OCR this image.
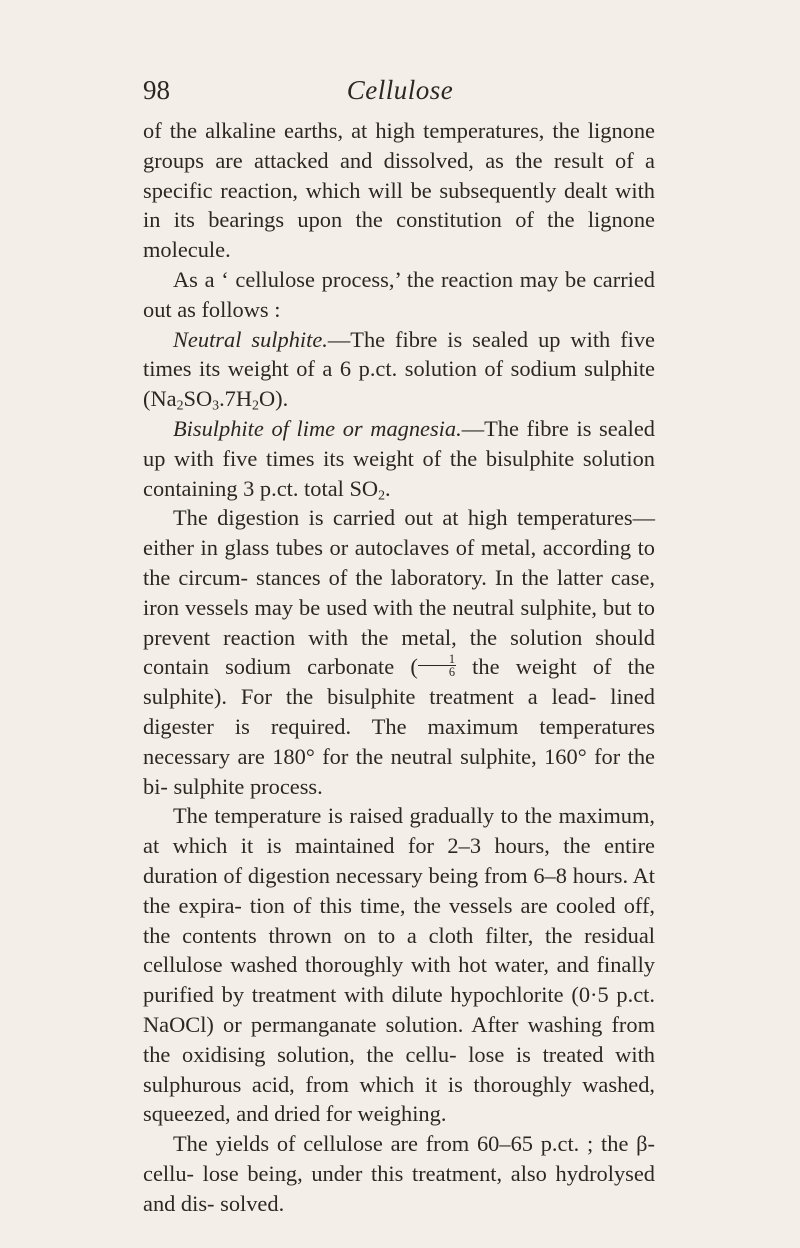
98	Cellulose

of the alkaline earths, at high temperatures, the lignone groups are attacked and dissolved, as the result of a specific reaction, which will be subsequently dealt with in its bearings upon the constitution of the lignone molecule.

As a ‘ cellulose process,’ the reaction may be carried out as follows :

Neutral sulphite.—The fibre is sealed up with five times its weight of a 6 p.ct. solution of sodium sulphite $(Na_2SO_3.7H_2O)$.

Bisulphite of lime or magnesia.—The fibre is sealed up with five times its weight of the bisulphite solution containing 3 p.ct. total $SO_2$.

The digestion is carried out at high temperatures—either in glass tubes or autoclaves of metal, according to the circum- stances of the laboratory. In the latter case, iron vessels may be used with the neutral sulphite, but to prevent reaction with the metal, the solution should contain sodium carbonate ( $\frac{1}{6}$ the weight of the sulphite). For the bisulphite treatment a lead- lined digester is required. The maximum temperatures necessary are 180° for the neutral sulphite, 160° for the bi- sulphite process.

The temperature is raised gradually to the maximum, at which it is maintained for 2–3 hours, the entire duration of digestion necessary being from 6–8 hours. At the expira- tion of this time, the vessels are cooled off, the contents thrown on to a cloth filter, the residual cellulose washed thoroughly with hot water, and finally purified by treatment with dilute hypochlorite (0·5 p.ct. NaOCl) or permanganate solution. After washing from the oxidising solution, the cellu- lose is treated with sulphurous acid, from which it is thoroughly washed, squeezed, and dried for weighing.

The yields of cellulose are from 60–65 p.ct. ; the β-cellu- lose being, under this treatment, also hydrolysed and dis- solved.
